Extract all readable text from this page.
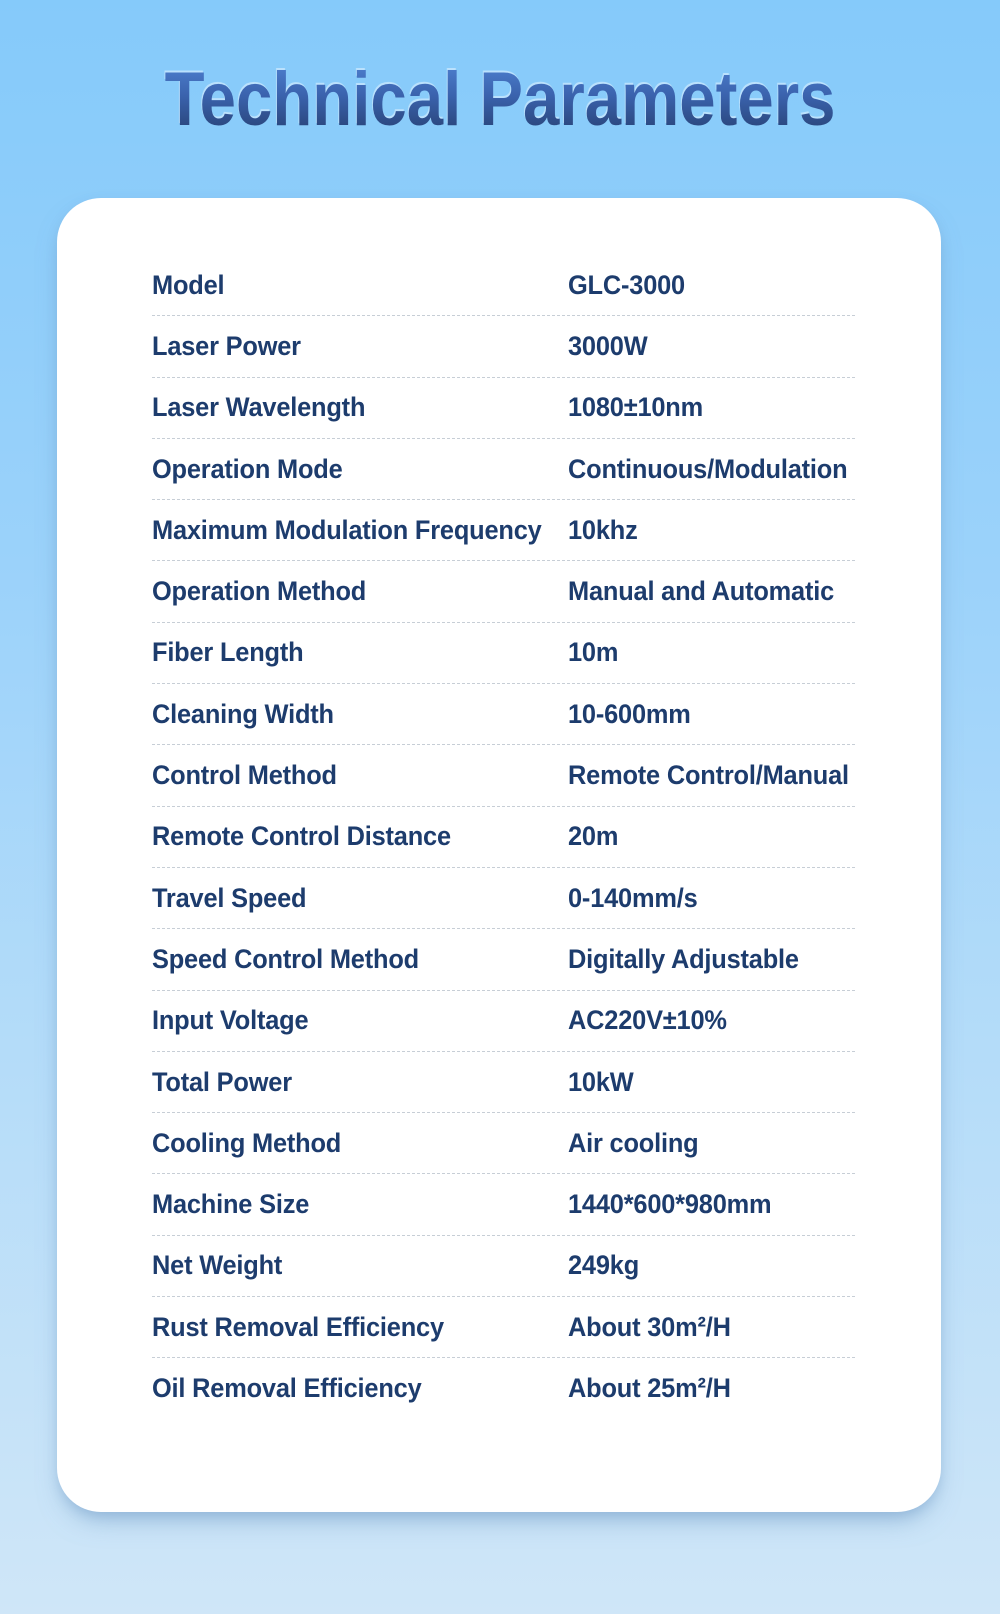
Technical Parameters
Model	GLC-3000
Laser Power	3000W
Laser Wavelength	1080±10nm
Operation Mode	Continuous/Modulation
Maximum Modulation Frequency 10khz
Operation Method	Manual and Automatic
Fiber Length	10m
Cleaning Width	10-600mm
Control Method	Remote Control/Manual
Remote Control Distance	20m
Travel Speed	0-140mm/s
Speed Control Method	Digitally Adjustable
Input Voltage	AC220V±10%
Total Power	10kW
Cooling Method	Air cooling
Machine Size	1440*600*980mm
Net Weight	249kg
Rust Removal Efficiency	About 30m²/H
Oil Removal Efficiency	About 25m²/H
